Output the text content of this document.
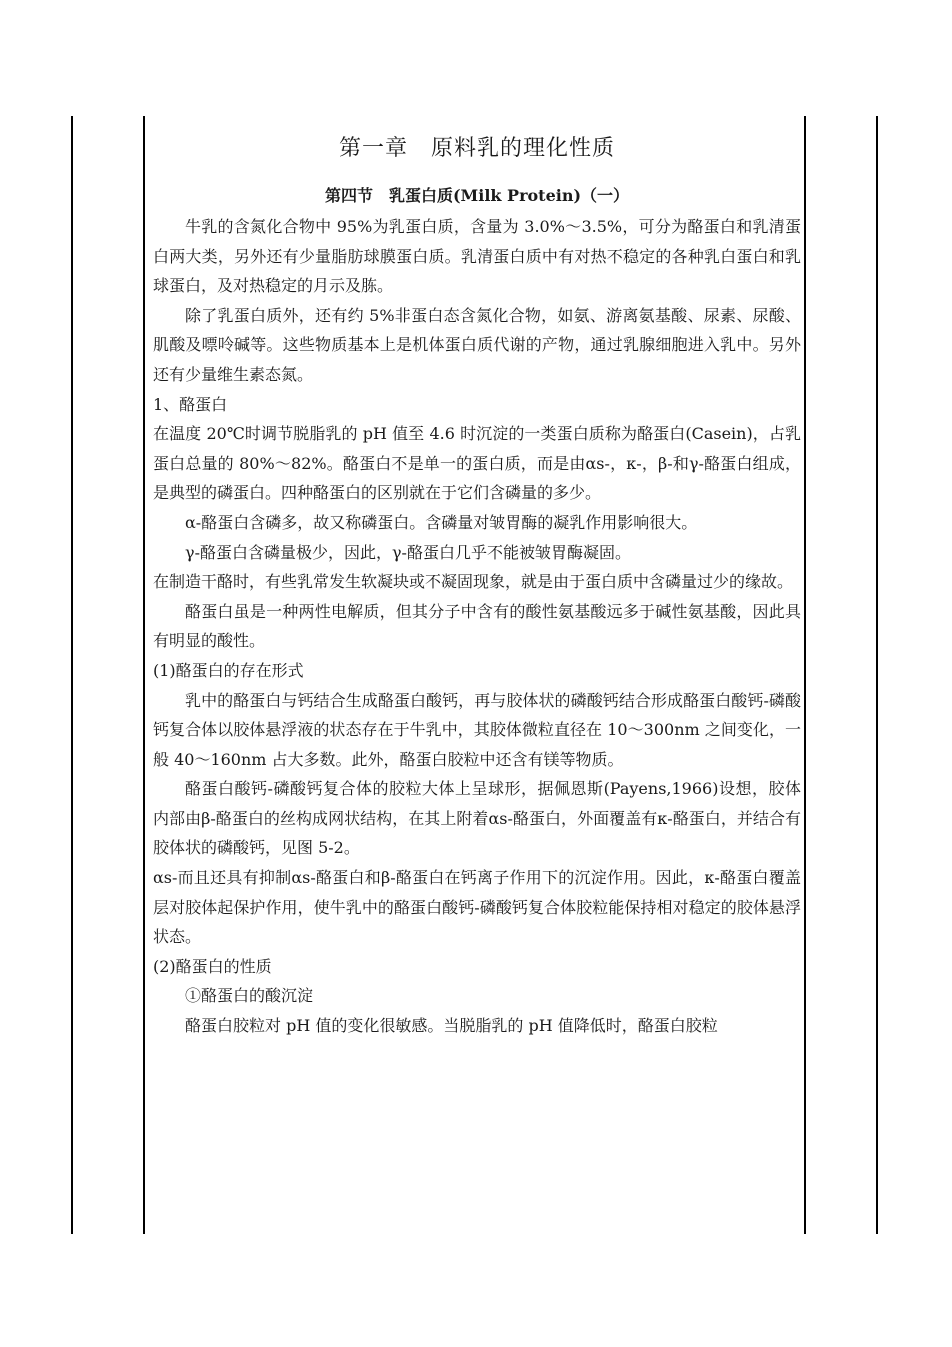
第一章　原料乳的理化性质
第四节　乳蛋白质(Milk Protein)（一）

牛乳的含氮化合物中 95%为乳蛋白质，含量为 3.0%～3.5%，可分为酪蛋白和乳清蛋白两大类，另外还有少量脂肪球膜蛋白质。乳清蛋白质中有对热不稳定的各种乳白蛋白和乳球蛋白，及对热稳定的月示及胨。

除了乳蛋白质外，还有约 5%非蛋白态含氮化合物，如氨、游离氨基酸、尿素、尿酸、肌酸及嘌呤碱等。这些物质基本上是机体蛋白质代谢的产物，通过乳腺细胞进入乳中。另外还有少量维生素态氮。

1、酪蛋白

在温度 20℃时调节脱脂乳的 pH 值至 4.6 时沉淀的一类蛋白质称为酪蛋白(Casein)，占乳蛋白总量的 80%～82%。酪蛋白不是单一的蛋白质，而是由αs-，κ-，β-和γ-酪蛋白组成，是典型的磷蛋白。四种酪蛋白的区别就在于它们含磷量的多少。

α-酪蛋白含磷多，故又称磷蛋白。含磷量对皱胃酶的凝乳作用影响很大。

γ-酪蛋白含磷量极少，因此，γ-酪蛋白几乎不能被皱胃酶凝固。

在制造干酪时，有些乳常发生软凝块或不凝固现象，就是由于蛋白质中含磷量过少的缘故。

酪蛋白虽是一种两性电解质，但其分子中含有的酸性氨基酸远多于碱性氨基酸，因此具有明显的酸性。

(1)酪蛋白的存在形式

乳中的酪蛋白与钙结合生成酪蛋白酸钙，再与胶体状的磷酸钙结合形成酪蛋白酸钙-磷酸钙复合体以胶体悬浮液的状态存在于牛乳中，其胶体微粒直径在 10～300nm 之间变化，一般 40～160nm 占大多数。此外，酪蛋白胶粒中还含有镁等物质。

酪蛋白酸钙-磷酸钙复合体的胶粒大体上呈球形，据佩恩斯(Payens,1966)设想，胶体内部由β-酪蛋白的丝构成网状结构，在其上附着αs-酪蛋白，外面覆盖有κ-酪蛋白，并结合有胶体状的磷酸钙，见图 5-2。

αs-而且还具有抑制αs-酪蛋白和β-酪蛋白在钙离子作用下的沉淀作用。因此，κ-酪蛋白覆盖层对胶体起保护作用，使牛乳中的酪蛋白酸钙-磷酸钙复合体胶粒能保持相对稳定的胶体悬浮状态。

(2)酪蛋白的性质

①酪蛋白的酸沉淀

酪蛋白胶粒对 pH 值的变化很敏感。当脱脂乳的 pH 值降低时，酪蛋白胶粒
